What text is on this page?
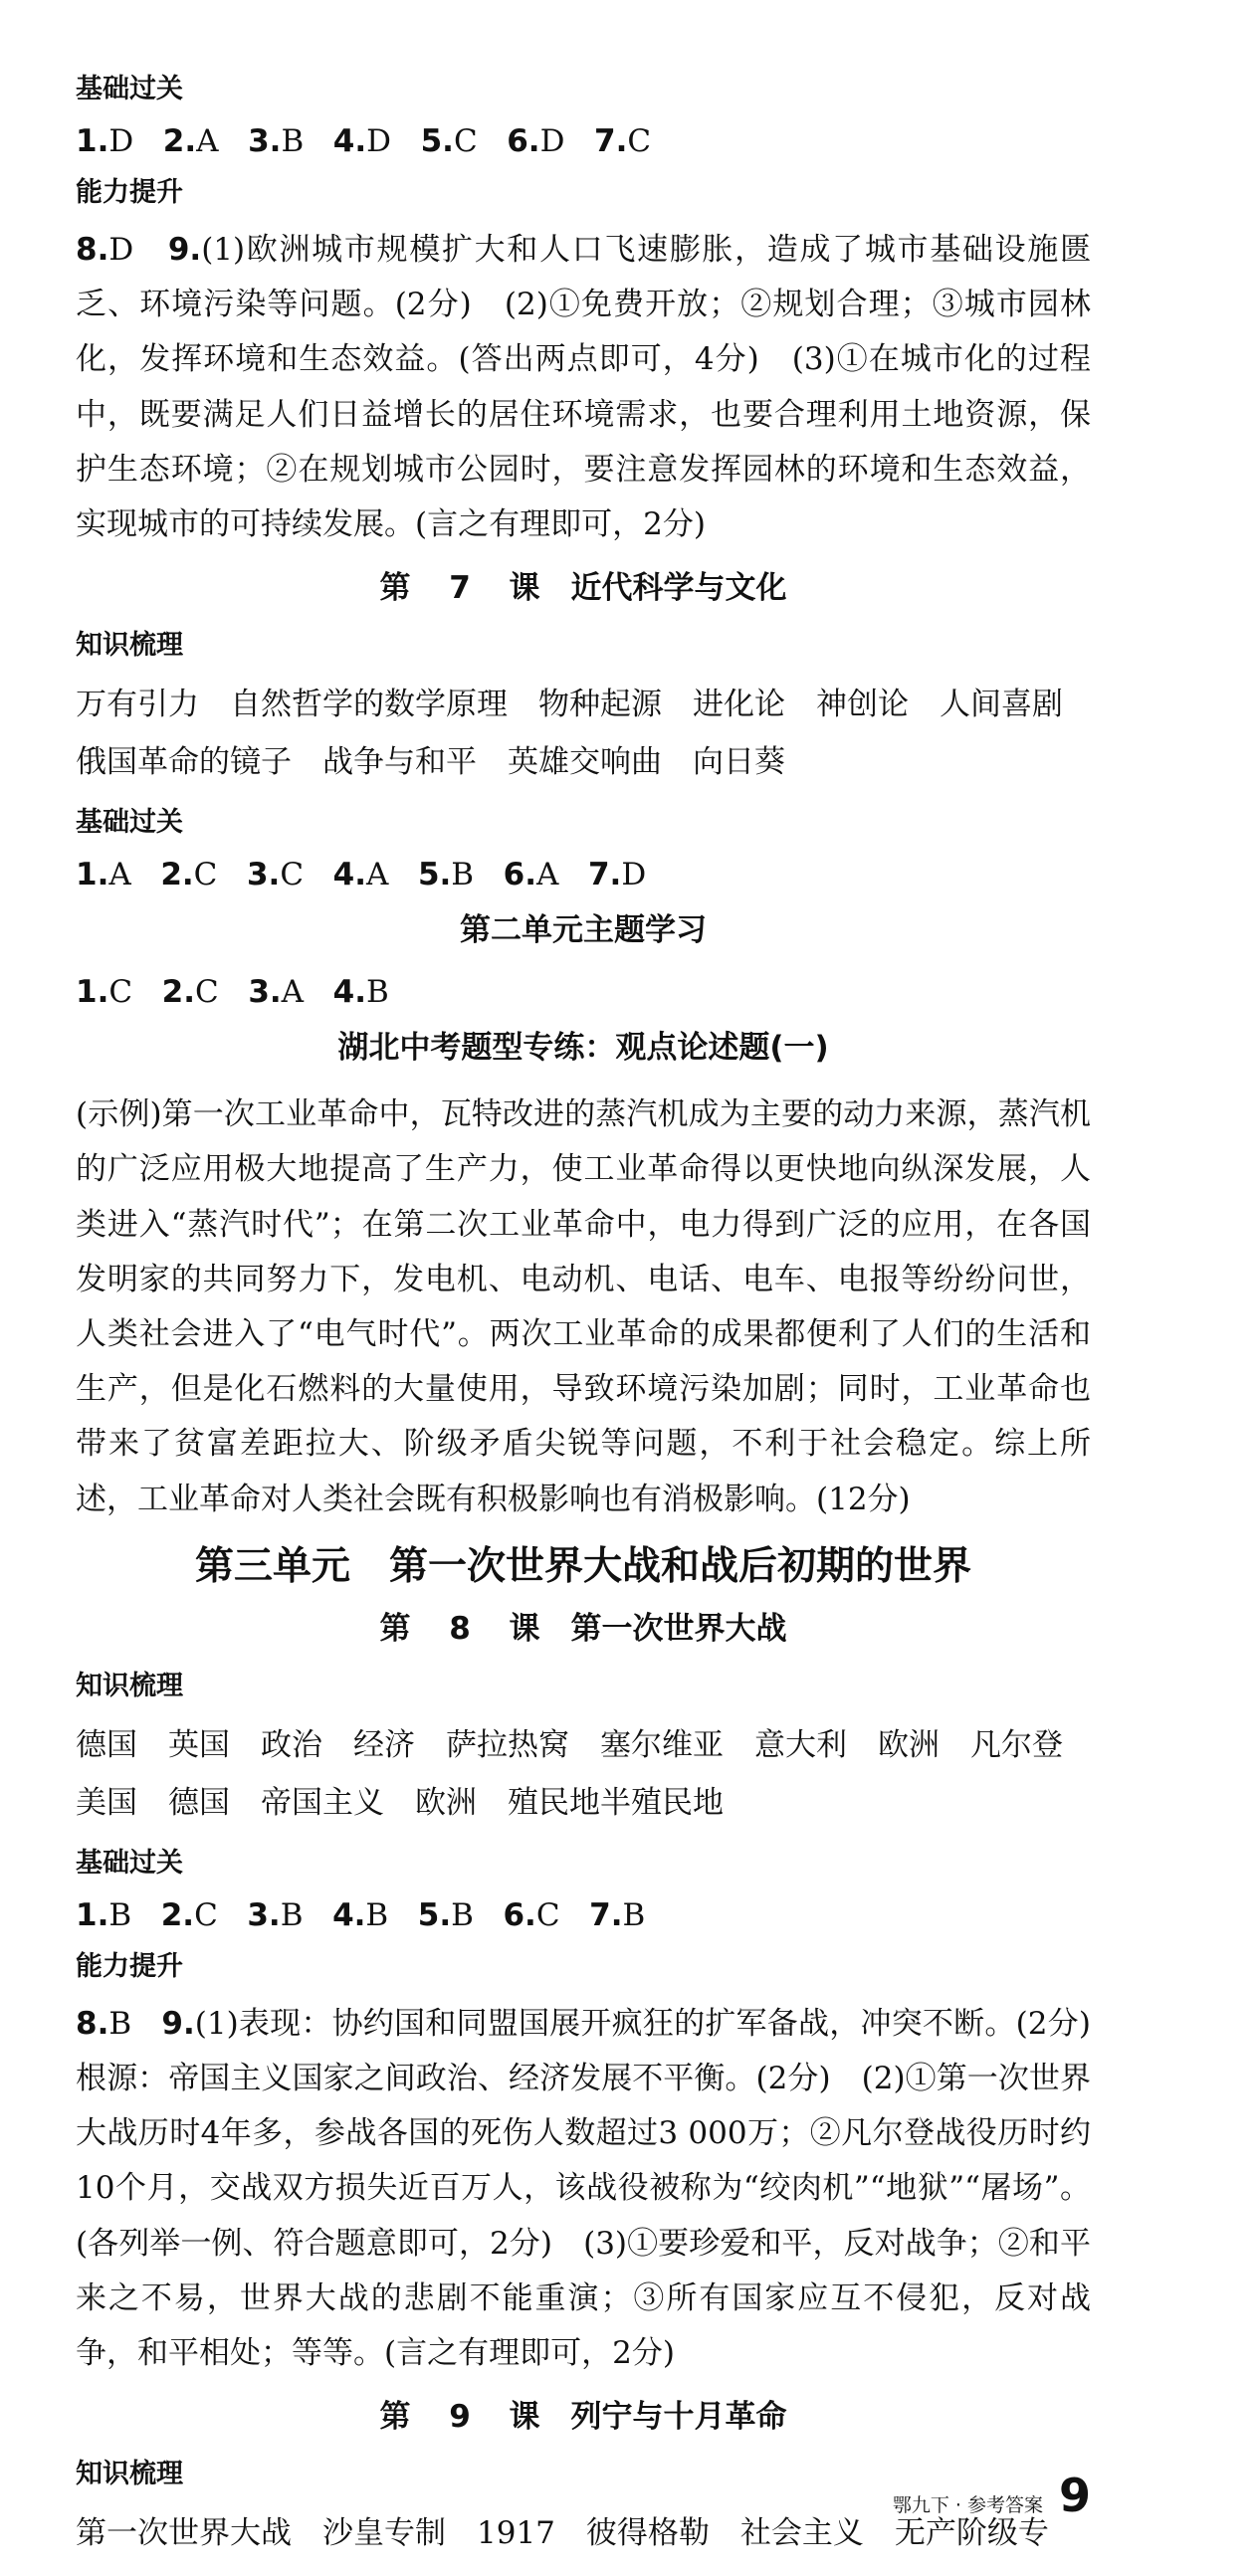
基础过关
1.D 2.A 3.B 4.D 5.C 6.D 7.C
能力提升
8.D 9.(1)欧洲城市规模扩大和人口飞速膨胀，造成了城市基础设施匮乏、环境污染等问题。(2分)　(2)①免费开放；②规划合理；③城市园林化，发挥环境和生态效益。(答出两点即可，4分)　(3)①在城市化的过程中，既要满足人们日益增长的居住环境需求，也要合理利用土地资源，保护生态环境；②在规划城市公园时，要注意发挥园林的环境和生态效益，实现城市的可持续发展。(言之有理即可，2分)
第 7 课　近代科学与文化
知识梳理
万有引力　自然哲学的数学原理　物种起源　进化论　神创论　人间喜剧　俄国革命的镜子　战争与和平　英雄交响曲　向日葵
基础过关
1.A 2.C 3.C 4.A 5.B 6.A 7.D
第二单元主题学习
1.C 2.C 3.A 4.B
湖北中考题型专练：观点论述题(一)
(示例)第一次工业革命中，瓦特改进的蒸汽机成为主要的动力来源，蒸汽机的广泛应用极大地提高了生产力，使工业革命得以更快地向纵深发展，人类进入“蒸汽时代”；在第二次工业革命中，电力得到广泛的应用，在各国发明家的共同努力下，发电机、电动机、电话、电车、电报等纷纷问世，人类社会进入了“电气时代”。两次工业革命的成果都便利了人们的生活和生产，但是化石燃料的大量使用，导致环境污染加剧；同时，工业革命也带来了贫富差距拉大、阶级矛盾尖锐等问题，不利于社会稳定。综上所述，工业革命对人类社会既有积极影响也有消极影响。(12分)
第三单元　第一次世界大战和战后初期的世界
第 8 课　第一次世界大战
知识梳理
德国　英国　政治　经济　萨拉热窝　塞尔维亚　意大利　欧洲　凡尔登　美国　德国　帝国主义　欧洲　殖民地半殖民地
基础过关
1.B 2.C 3.B 4.B 5.B 6.C 7.B
能力提升
8.B 9.(1)表现：协约国和同盟国展开疯狂的扩军备战，冲突不断。(2分)根源：帝国主义国家之间政治、经济发展不平衡。(2分)　(2)①第一次世界大战历时4年多，参战各国的死伤人数超过3 000万；②凡尔登战役历时约10个月，交战双方损失近百万人，该战役被称为“绞肉机”“地狱”“屠场”。(各列举一例、符合题意即可，2分)　(3)①要珍爱和平，反对战争；②和平来之不易，世界大战的悲剧不能重演；③所有国家应互不侵犯，反对战争，和平相处；等等。(言之有理即可，2分)
第 9 课　列宁与十月革命
知识梳理
第一次世界大战　沙皇专制　1917　彼得格勒　社会主义　无产阶级专
鄂九下 · 参考答案 9
